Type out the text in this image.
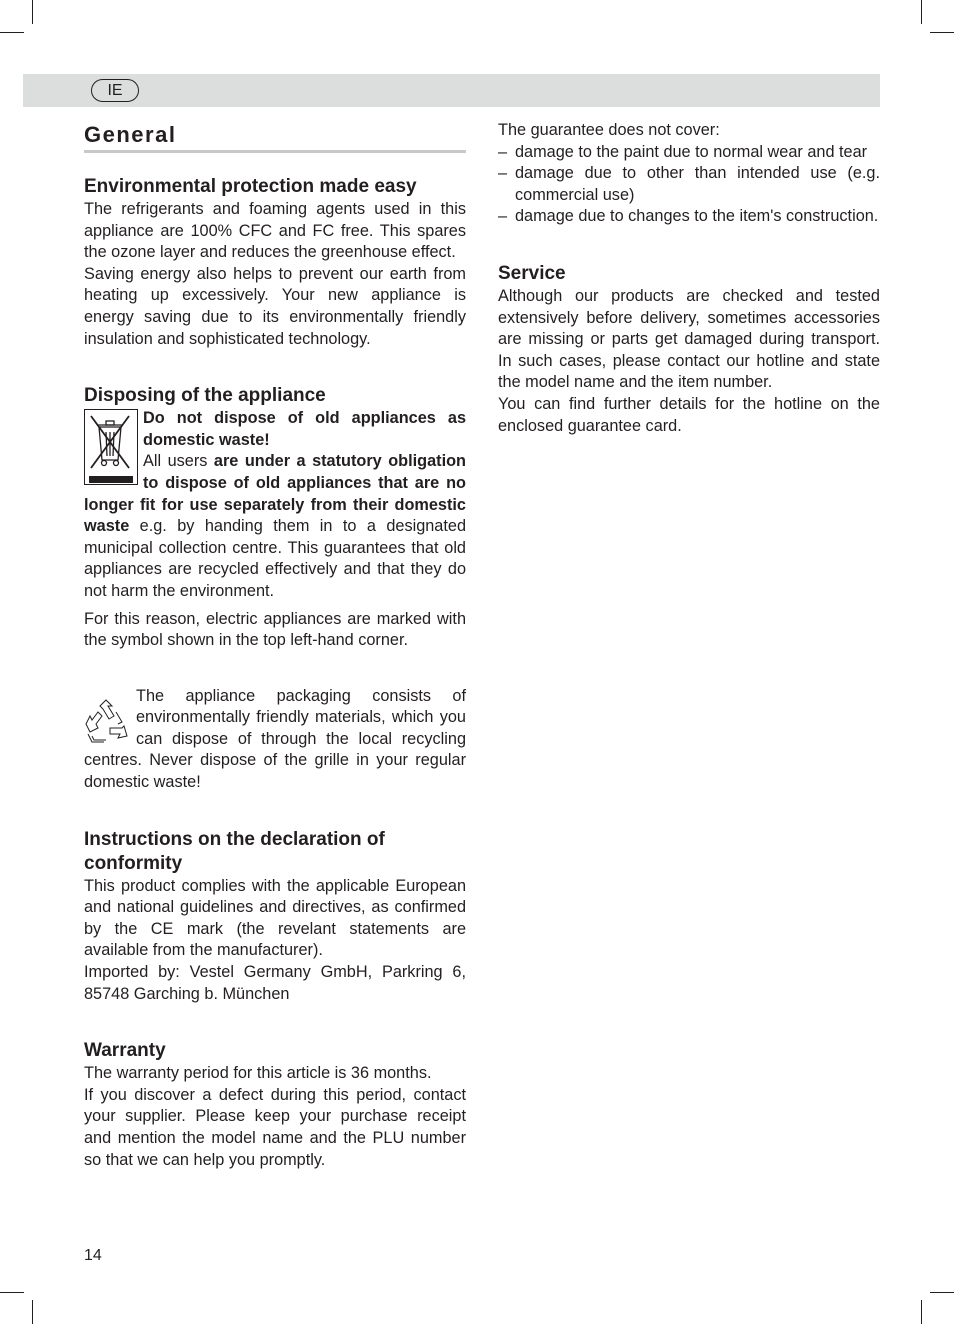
IE
General
Environmental protection made easy

The refrigerants and foaming agents used in this appliance are 100% CFC and FC free. This spares the ozone layer and reduces the greenhouse effect.

Saving energy also helps to prevent our earth from heating up excessively. Your new appliance is energy saving due to its environmentally friendly insulation and sophisticated technology.

Disposing of the appliance

Do not dispose of old appliances as domestic waste!
All users are under a statutory obligation to dispose of old appliances that are no longer fit for use separately from their domestic waste e.g. by handing them in to a designated municipal collection centre. This guarantees that old appliances are recycled effectively and that they do not harm the environment.

For this reason, electric appliances are marked with the symbol shown in the top left-hand corner.

The appliance packaging consists of environmentally friendly materials, which you can dispose of through the local recycling centres. Never dispose of the grille in your regular domestic waste!

Instructions on the declaration of conformity

This product complies with the applicable European and national guidelines and directives, as confirmed by the CE mark (the revelant statements are available from the manufacturer).

Imported by: Vestel Germany GmbH, Parkring 6, 85748 Garching b. München

Warranty

The warranty period for this article is 36 months.

If you discover a defect during this period, contact your supplier. Please keep your purchase receipt and mention the model name and the PLU number so that we can help you promptly.

The guarantee does not cover:

– damage to the paint due to normal wear and tear
– damage due to other than intended use (e.g. commercial use)
– damage due to changes to the item's construction.
Service

Although our products are checked and tested extensively before delivery, sometimes accessories are missing or parts get damaged during transport. In such cases, please contact our hotline and state the model name and the item number.

You can find further details for the hotline on the enclosed guarantee card.

14
